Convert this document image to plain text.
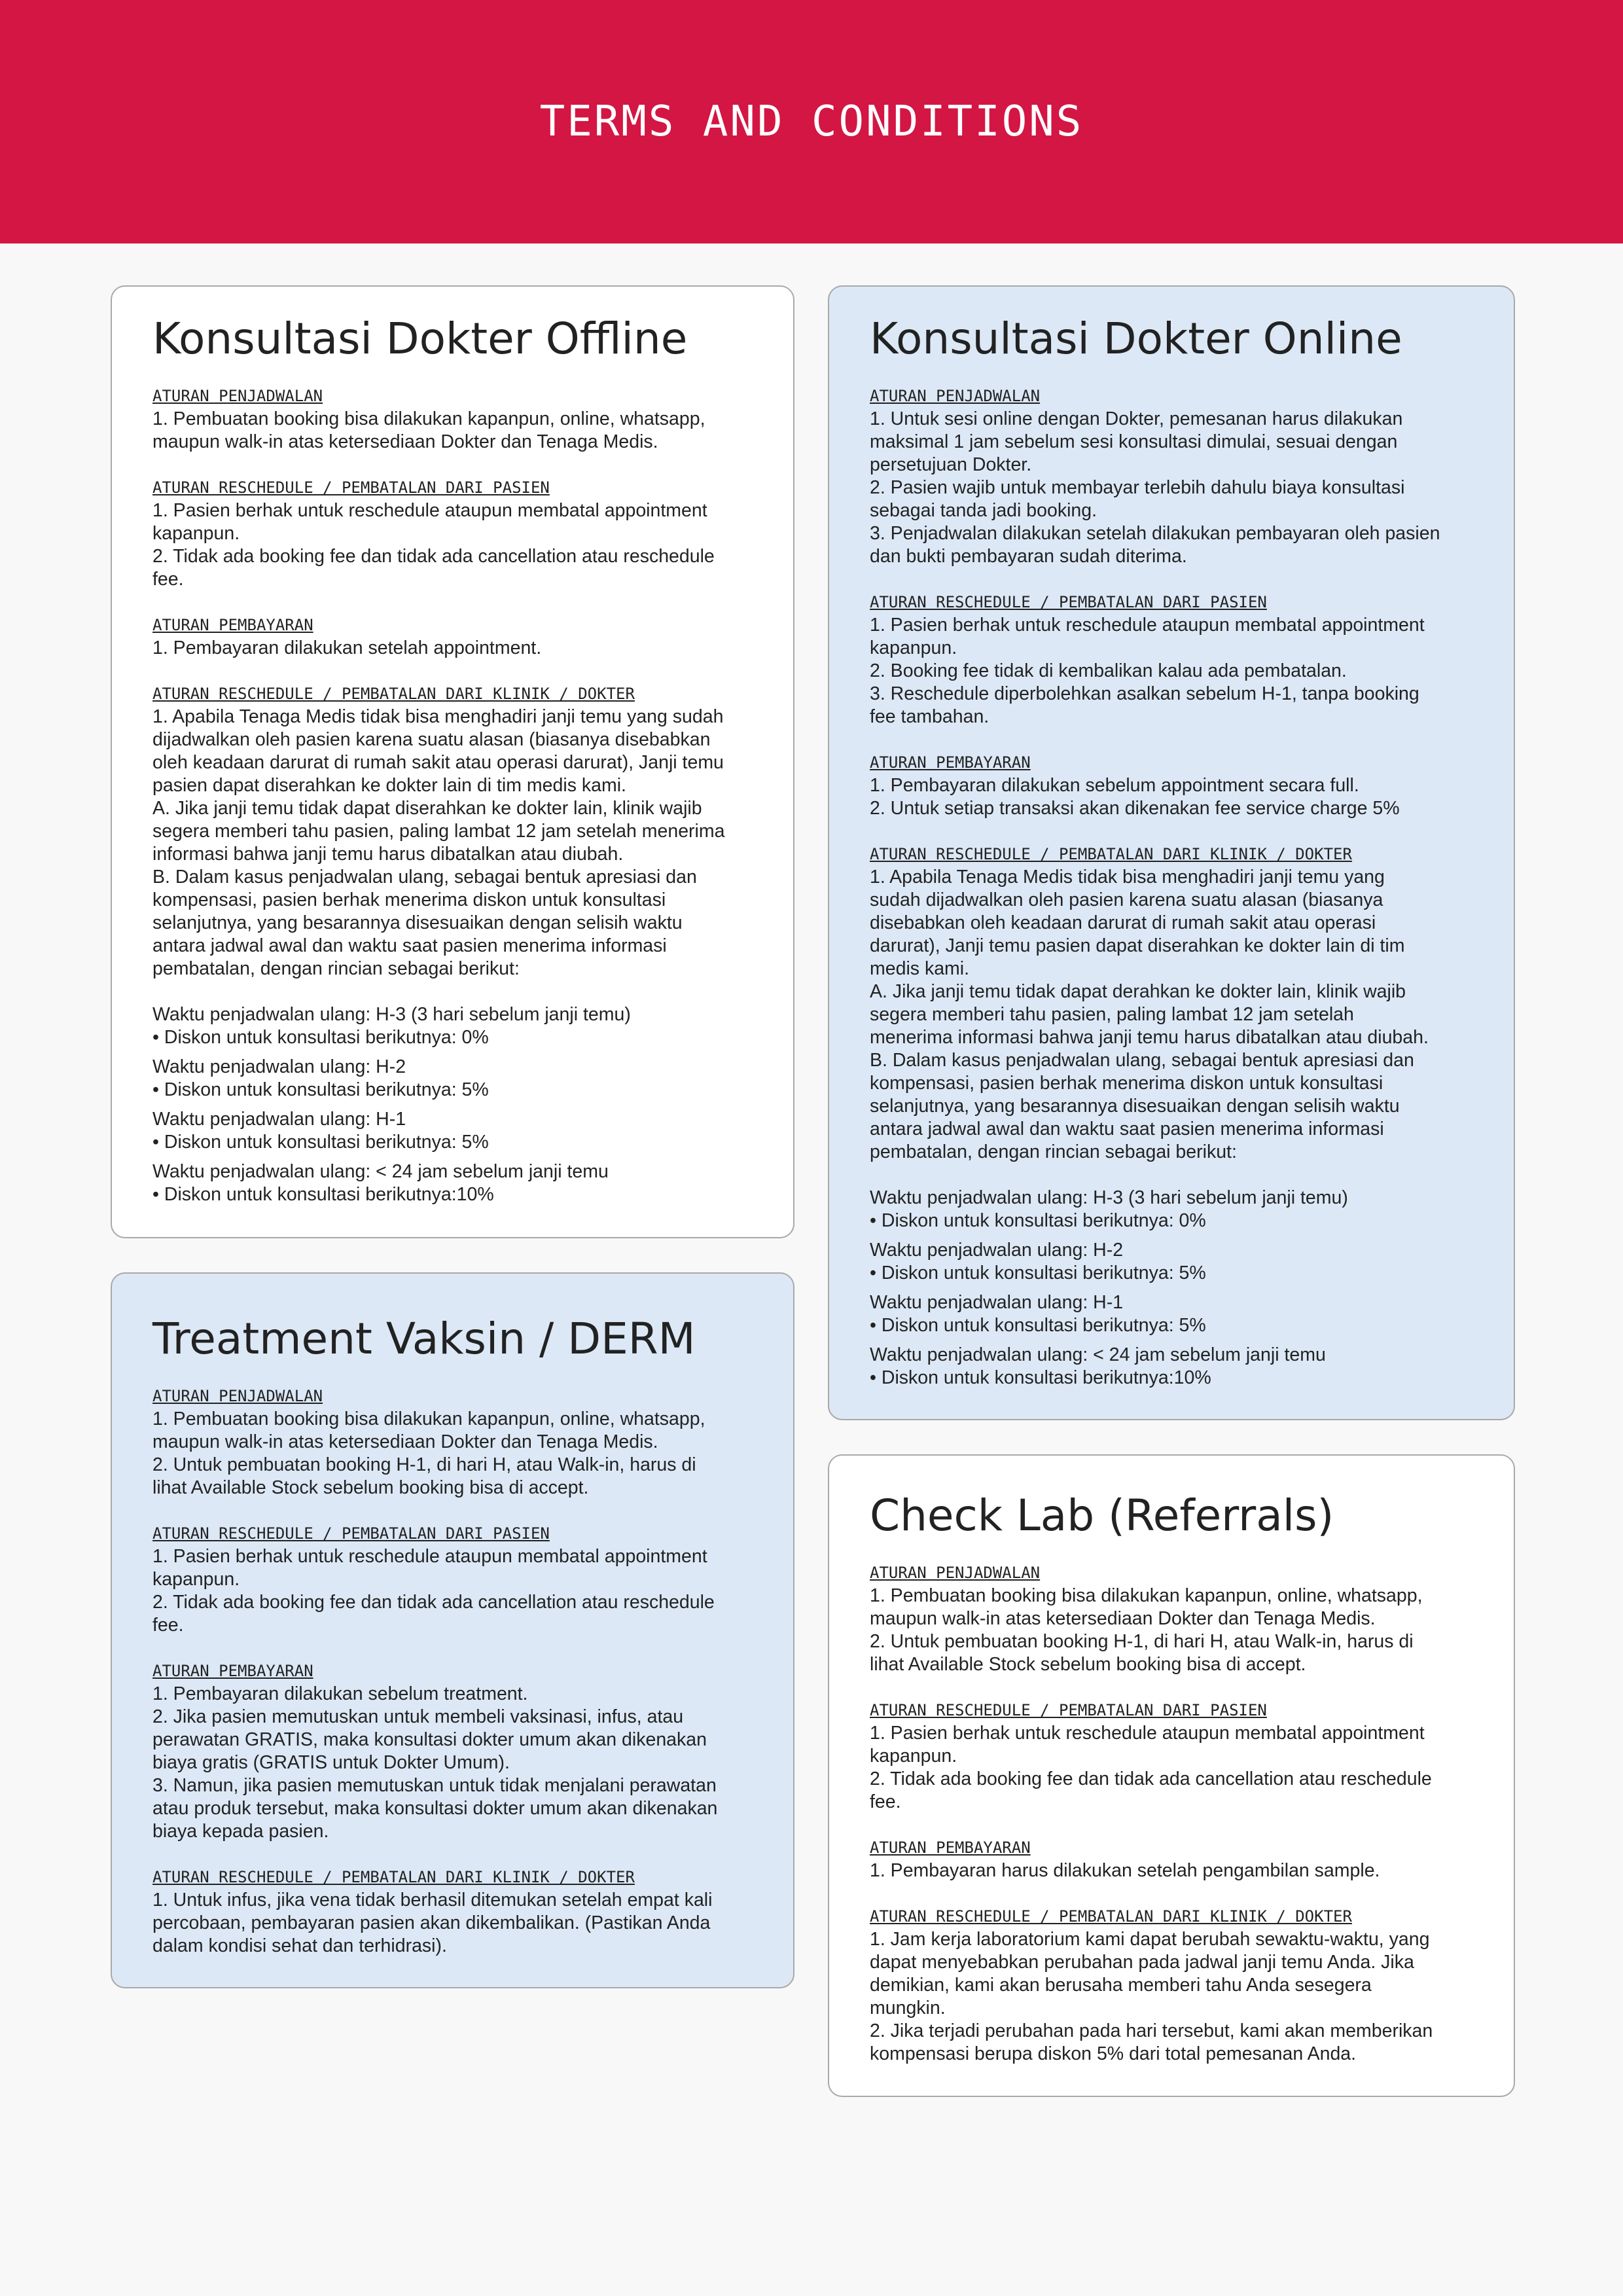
TERMS AND CONDITIONS
Konsultasi Dokter Offline
ATURAN PENJADWALAN
1. Pembuatan booking bisa dilakukan kapanpun, online, whatsapp,
maupun walk-in atas ketersediaan Dokter dan Tenaga Medis.
ATURAN RESCHEDULE / PEMBATALAN DARI PASIEN
1. Pasien berhak untuk reschedule ataupun membatal appointment
kapanpun.
2. Tidak ada booking fee dan tidak ada cancellation atau reschedule
fee.
ATURAN PEMBAYARAN
1. Pembayaran dilakukan setelah appointment.
ATURAN RESCHEDULE / PEMBATALAN DARI KLINIK / DOKTER
1. Apabila Tenaga Medis tidak bisa menghadiri janji temu yang sudah
dijadwalkan oleh pasien karena suatu alasan (biasanya disebabkan
oleh keadaan darurat di rumah sakit atau operasi darurat), Janji temu
pasien dapat diserahkan ke dokter lain di tim medis kami.
A. Jika janji temu tidak dapat diserahkan ke dokter lain, klinik wajib
segera memberi tahu pasien, paling lambat 12 jam setelah menerima
informasi bahwa janji temu harus dibatalkan atau diubah.
B. Dalam kasus penjadwalan ulang, sebagai bentuk apresiasi dan
kompensasi, pasien berhak menerima diskon untuk konsultasi
selanjutnya, yang besarannya disesuaikan dengan selisih waktu
antara jadwal awal dan waktu saat pasien menerima informasi
pembatalan, dengan rincian sebagai berikut:
Waktu penjadwalan ulang: H-3 (3 hari sebelum janji temu)
• Diskon untuk konsultasi berikutnya: 0%
Waktu penjadwalan ulang: H-2
• Diskon untuk konsultasi berikutnya: 5%
Waktu penjadwalan ulang: H-1
• Diskon untuk konsultasi berikutnya: 5%
Waktu penjadwalan ulang: < 24 jam sebelum janji temu
• Diskon untuk konsultasi berikutnya:10%
Konsultasi Dokter Online
ATURAN PENJADWALAN
1. Untuk sesi online dengan Dokter, pemesanan harus dilakukan
maksimal 1 jam sebelum sesi konsultasi dimulai, sesuai dengan
persetujuan Dokter.
2. Pasien wajib untuk membayar terlebih dahulu biaya konsultasi
sebagai tanda jadi booking.
3. Penjadwalan dilakukan setelah dilakukan pembayaran oleh pasien
dan bukti pembayaran sudah diterima.
ATURAN RESCHEDULE / PEMBATALAN DARI PASIEN
1. Pasien berhak untuk reschedule ataupun membatal appointment
kapanpun.
2. Booking fee tidak di kembalikan kalau ada pembatalan.
3. Reschedule diperbolehkan asalkan sebelum H-1, tanpa booking
fee tambahan.
ATURAN PEMBAYARAN
1. Pembayaran dilakukan sebelum appointment secara full.
2. Untuk setiap transaksi akan dikenakan fee service charge 5%
ATURAN RESCHEDULE / PEMBATALAN DARI KLINIK / DOKTER
1. Apabila Tenaga Medis tidak bisa menghadiri janji temu yang
sudah dijadwalkan oleh pasien karena suatu alasan (biasanya
disebabkan oleh keadaan darurat di rumah sakit atau operasi
darurat), Janji temu pasien dapat diserahkan ke dokter lain di tim
medis kami.
A. Jika janji temu tidak dapat derahkan ke dokter lain, klinik wajib
segera memberi tahu pasien, paling lambat 12 jam setelah
menerima informasi bahwa janji temu harus dibatalkan atau diubah.
B. Dalam kasus penjadwalan ulang, sebagai bentuk apresiasi dan
kompensasi, pasien berhak menerima diskon untuk konsultasi
selanjutnya, yang besarannya disesuaikan dengan selisih waktu
antara jadwal awal dan waktu saat pasien menerima informasi
pembatalan, dengan rincian sebagai berikut:
Waktu penjadwalan ulang: H-3 (3 hari sebelum janji temu)
• Diskon untuk konsultasi berikutnya: 0%
Waktu penjadwalan ulang: H-2
• Diskon untuk konsultasi berikutnya: 5%
Waktu penjadwalan ulang: H-1
• Diskon untuk konsultasi berikutnya: 5%
Waktu penjadwalan ulang: < 24 jam sebelum janji temu
• Diskon untuk konsultasi berikutnya:10%
Treatment Vaksin / DERM
ATURAN PENJADWALAN
1. Pembuatan booking bisa dilakukan kapanpun, online, whatsapp,
maupun walk-in atas ketersediaan Dokter dan Tenaga Medis.
2. Untuk pembuatan booking H-1, di hari H, atau Walk-in, harus di
lihat Available Stock sebelum booking bisa di accept.
ATURAN RESCHEDULE / PEMBATALAN DARI PASIEN
1. Pasien berhak untuk reschedule ataupun membatal appointment
kapanpun.
2. Tidak ada booking fee dan tidak ada cancellation atau reschedule
fee.
ATURAN PEMBAYARAN
1. Pembayaran dilakukan sebelum treatment.
2. Jika pasien memutuskan untuk membeli vaksinasi, infus, atau
perawatan GRATIS, maka konsultasi dokter umum akan dikenakan
biaya gratis (GRATIS untuk Dokter Umum).
3. Namun, jika pasien memutuskan untuk tidak menjalani perawatan
atau produk tersebut, maka konsultasi dokter umum akan dikenakan
biaya kepada pasien.
ATURAN RESCHEDULE / PEMBATALAN DARI KLINIK / DOKTER
1. Untuk infus, jika vena tidak berhasil ditemukan setelah empat kali
percobaan, pembayaran pasien akan dikembalikan. (Pastikan Anda
dalam kondisi sehat dan terhidrasi).
Check Lab (Referrals)
ATURAN PENJADWALAN
1. Pembuatan booking bisa dilakukan kapanpun, online, whatsapp,
maupun walk-in atas ketersediaan Dokter dan Tenaga Medis.
2. Untuk pembuatan booking H-1, di hari H, atau Walk-in, harus di
lihat Available Stock sebelum booking bisa di accept.
ATURAN RESCHEDULE / PEMBATALAN DARI PASIEN
1. Pasien berhak untuk reschedule ataupun membatal appointment
kapanpun.
2. Tidak ada booking fee dan tidak ada cancellation atau reschedule
fee.
ATURAN PEMBAYARAN
1. Pembayaran harus dilakukan setelah pengambilan sample.
ATURAN RESCHEDULE / PEMBATALAN DARI KLINIK / DOKTER
1. Jam kerja laboratorium kami dapat berubah sewaktu-waktu, yang
dapat menyebabkan perubahan pada jadwal janji temu Anda. Jika
demikian, kami akan berusaha memberi tahu Anda sesegera
mungkin.
2. Jika terjadi perubahan pada hari tersebut, kami akan memberikan
kompensasi berupa diskon 5% dari total pemesanan Anda.
